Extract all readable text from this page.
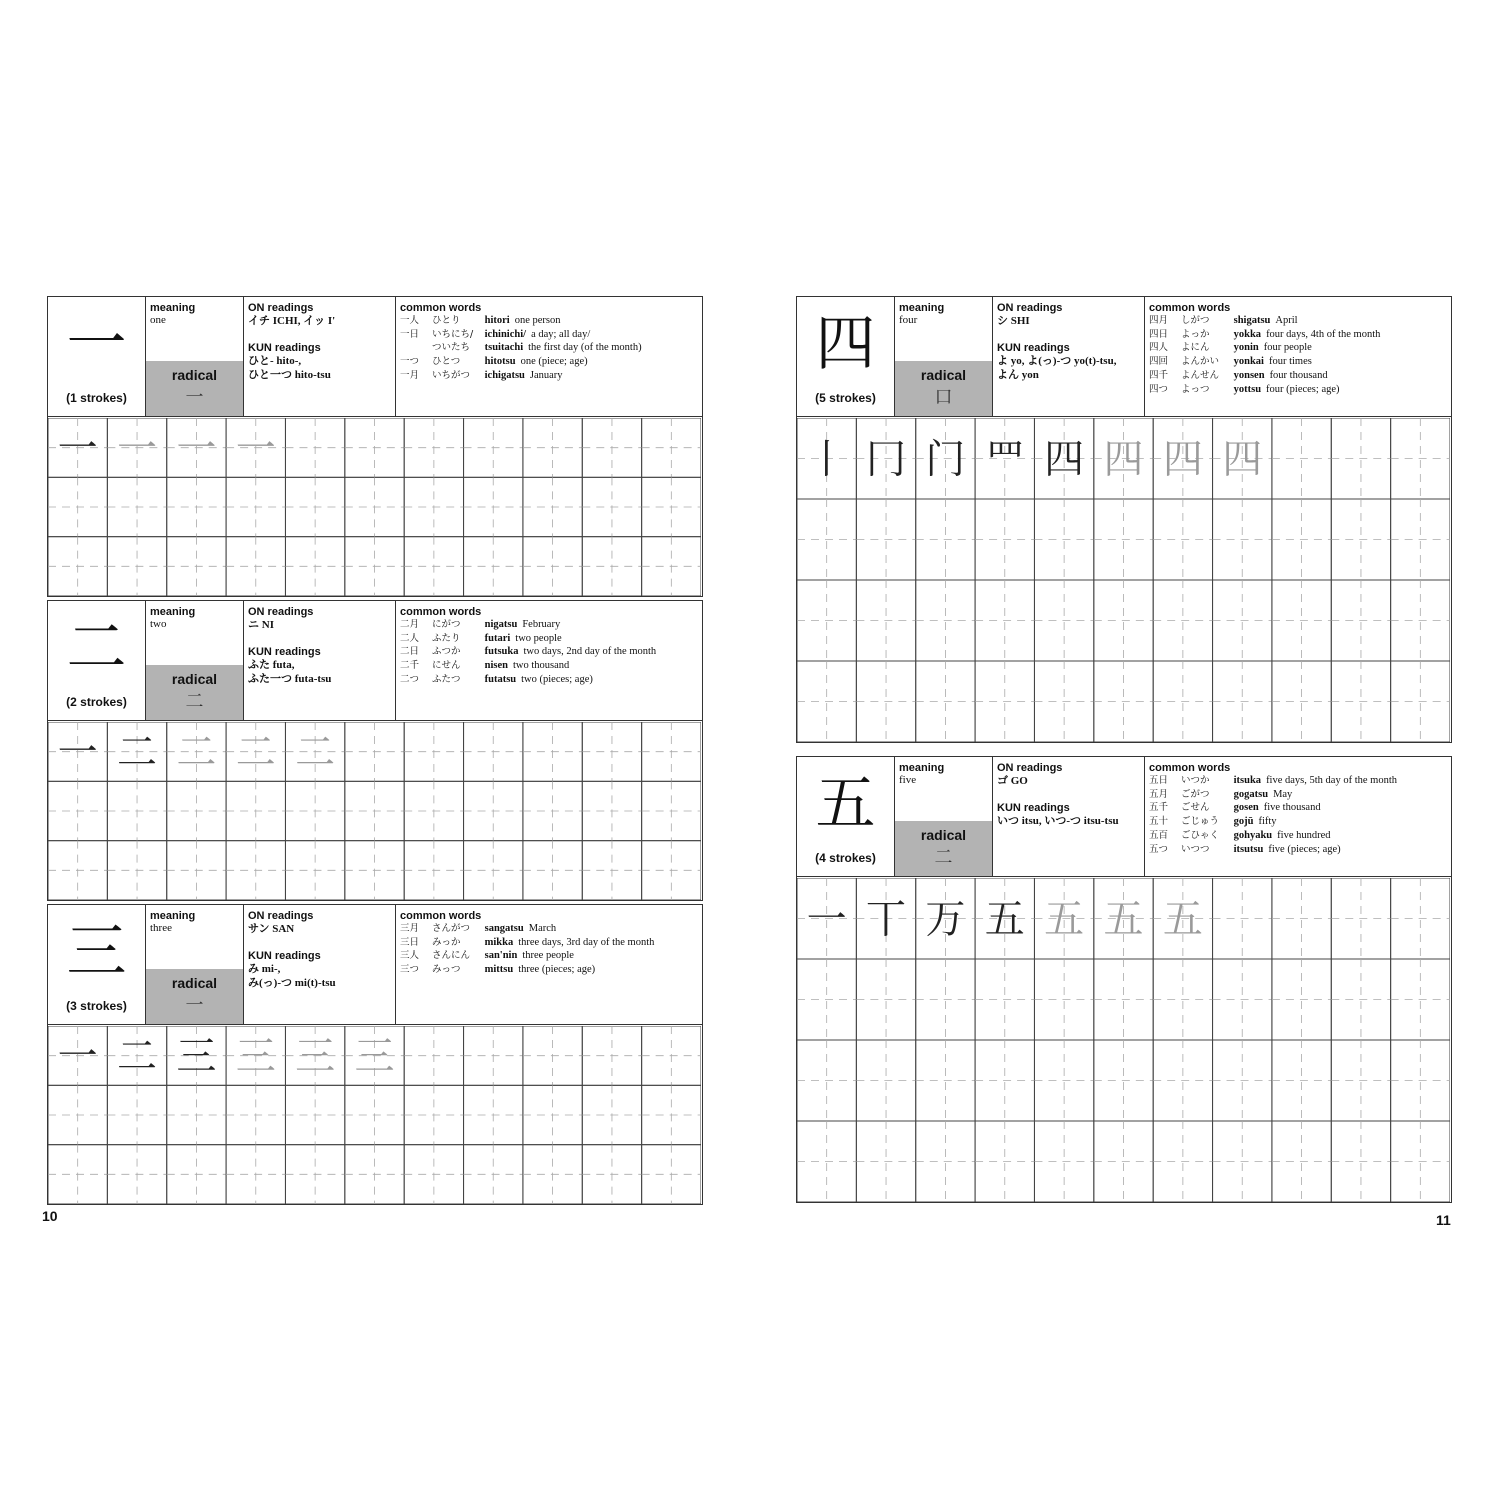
一
(1 strokes)
meaning
one
radical
一
ON readings
イチ ICHI, イッ I'
KUN readings
ひと- hito-,
ひと一つ hito-tsu
common words
一人 ひとり hitori one person
一日 いちにち/ ichinichi/ a day; all day/
ついたち tsuitachi the first day (of the month)
一つ ひとつ hitotsu one (piece; age)
一月 いちがつ ichigatsu January
一 一 一 一
二
(2 strokes)
meaning
two
radical
二
ON readings
ニ NI
KUN readings
ふた futa,
ふた一つ futa-tsu
common words
二月 にがつ nigatsu February
二人 ふたり futari two people
二日 ふつか futsuka two days, 2nd day of the month
二千 にせん nisen two thousand
二つ ふたつ futatsu two (pieces; age)
一 二 二 二 二
三
(3 strokes)
meaning
three
radical
一
ON readings
サン SAN
KUN readings
み mi-,
み(っ)-つ mi(t)-tsu
common words
三月 さんがつ sangatsu March
三日 みっか mikka three days, 3rd day of the month
三人 さんにん san'nin three people
三つ みっつ mittsu three (pieces; age)
一 二 三 三 三 三
四
(5 strokes)
meaning
four
radical
口
ON readings
シ SHI
KUN readings
よ yo, よ(っ)-つ yo(t)-tsu,
よん yon
common words
四月 しがつ shigatsu April
四日 よっか yokka four days, 4th of the month
四人 よにん yonin four people
四回 よんかい yonkai four times
四千 よんせん yonsen four thousand
四つ よっつ yottsu four (pieces; age)
丨 冂 门 罒 四 四 四 四
五
(4 strokes)
meaning
five
radical
二
ON readings
ゴ GO
KUN readings
いつ itsu, いつ-つ itsu-tsu
common words
五日 いつか itsuka five days, 5th day of the month
五月 ごがつ gogatsu May
五千 ごせん gosen five thousand
五十 ごじゅう gojū fifty
五百 ごひゃく gohyaku five hundred
五つ いつつ itsutsu five (pieces; age)
一 丅 万 五 五 五 五
10	11
